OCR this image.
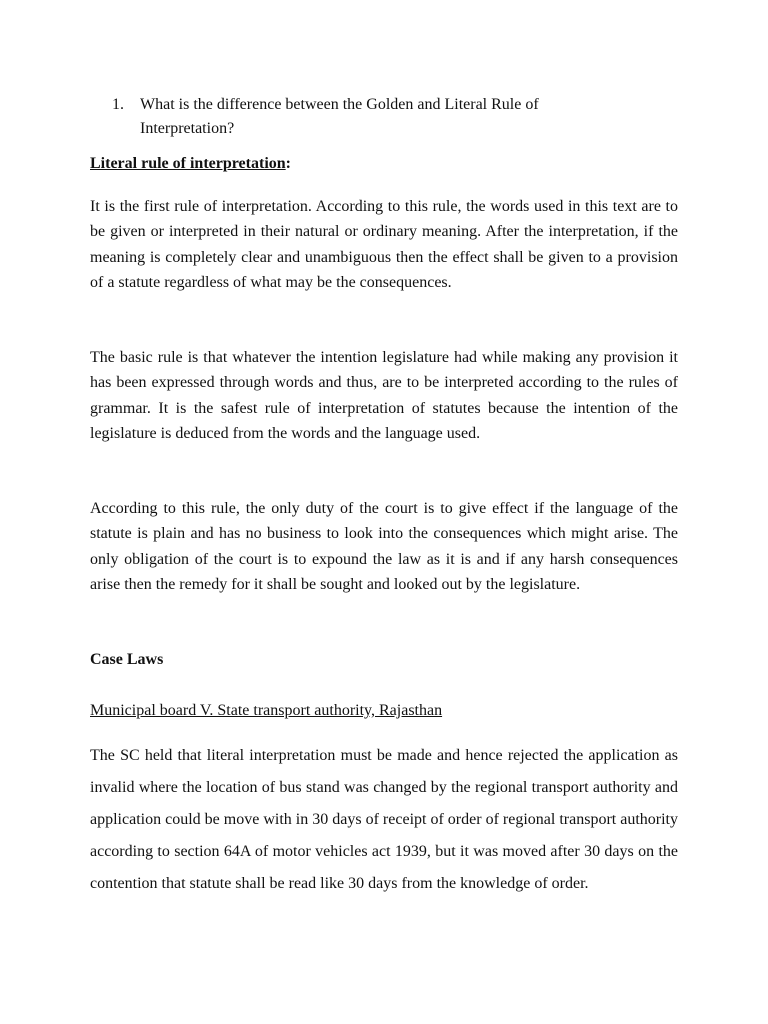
1.	What is the difference between the Golden and Literal Rule of Interpretation?
Literal rule of interpretation:

It is the first rule of interpretation. According to this rule, the words used in this text are to be given or interpreted in their natural or ordinary meaning. After the interpretation, if the meaning is completely clear and unambiguous then the effect shall be given to a provision of a statute regardless of what may be the consequences.

The basic rule is that whatever the intention legislature had while making any provision it has been expressed through words and thus, are to be interpreted according to the rules of grammar. It is the safest rule of interpretation of statutes because the intention of the legislature is deduced from the words and the language used.

According to this rule, the only duty of the court is to give effect if the language of the statute is plain and has no business to look into the consequences which might arise. The only obligation of the court is to expound the law as it is and if any harsh consequences arise then the remedy for it shall be sought and looked out by the legislature.

Case Laws
Municipal board V. State transport authority, Rajasthan

The SC held that literal interpretation must be made and hence rejected the application as invalid where the location of bus stand was changed by the regional transport authority and application could be move with in 30 days of receipt of order of regional transport authority according to section 64A of motor vehicles act 1939, but it was moved after 30 days on the contention that statute shall be read like 30 days from the knowledge of order.
